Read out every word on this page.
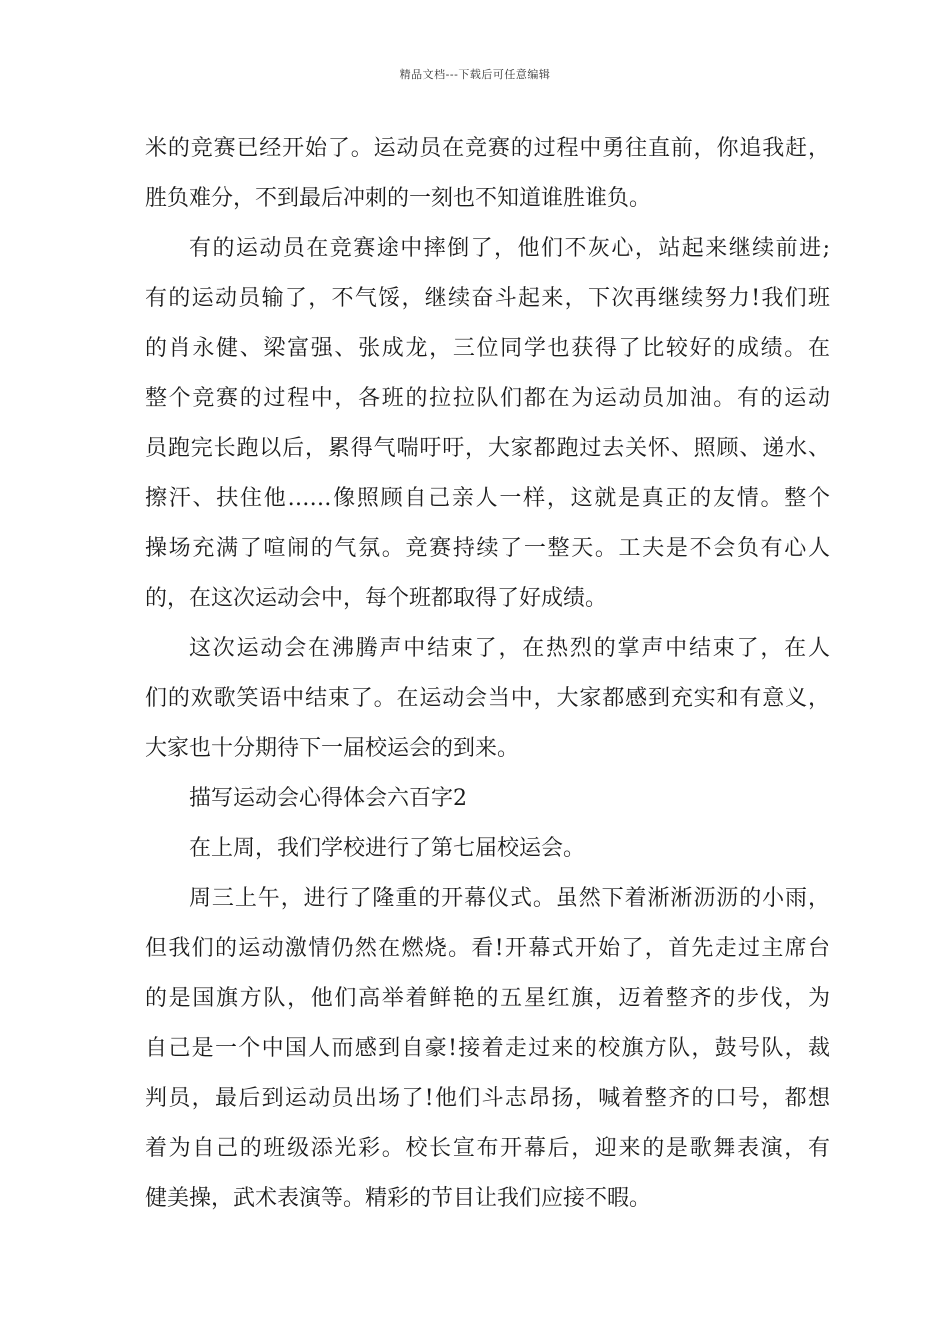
精品文档---下载后可任意编辑
米的竞赛已经开始了。运动员在竞赛的过程中勇往直前，你追我赶，
胜负难分，不到最后冲刺的一刻也不知道谁胜谁负。
有的运动员在竞赛途中摔倒了，他们不灰心，站起来继续前进;
有的运动员输了，不气馁，继续奋斗起来，下次再继续努力!我们班
的肖永健、梁富强、张成龙，三位同学也获得了比较好的成绩。在
整个竞赛的过程中，各班的拉拉队们都在为运动员加油。有的运动
员跑完长跑以后，累得气喘吁吁，大家都跑过去关怀、照顾、递水、
擦汗、扶住他……像照顾自己亲人一样，这就是真正的友情。整个
操场充满了喧闹的气氛。竞赛持续了一整天。工夫是不会负有心人
的，在这次运动会中，每个班都取得了好成绩。
这次运动会在沸腾声中结束了，在热烈的掌声中结束了，在人
们的欢歌笑语中结束了。在运动会当中，大家都感到充实和有意义，
大家也十分期待下一届校运会的到来。
描写运动会心得体会六百字2
在上周，我们学校进行了第七届校运会。
周三上午，进行了隆重的开幕仪式。虽然下着淅淅沥沥的小雨，
但我们的运动激情仍然在燃烧。看!开幕式开始了，首先走过主席台
的是国旗方队，他们高举着鲜艳的五星红旗，迈着整齐的步伐，为
自己是一个中国人而感到自豪!接着走过来的校旗方队，鼓号队，裁
判员，最后到运动员出场了!他们斗志昂扬，喊着整齐的口号，都想
着为自己的班级添光彩。校长宣布开幕后，迎来的是歌舞表演，有
健美操，武术表演等。精彩的节目让我们应接不暇。
